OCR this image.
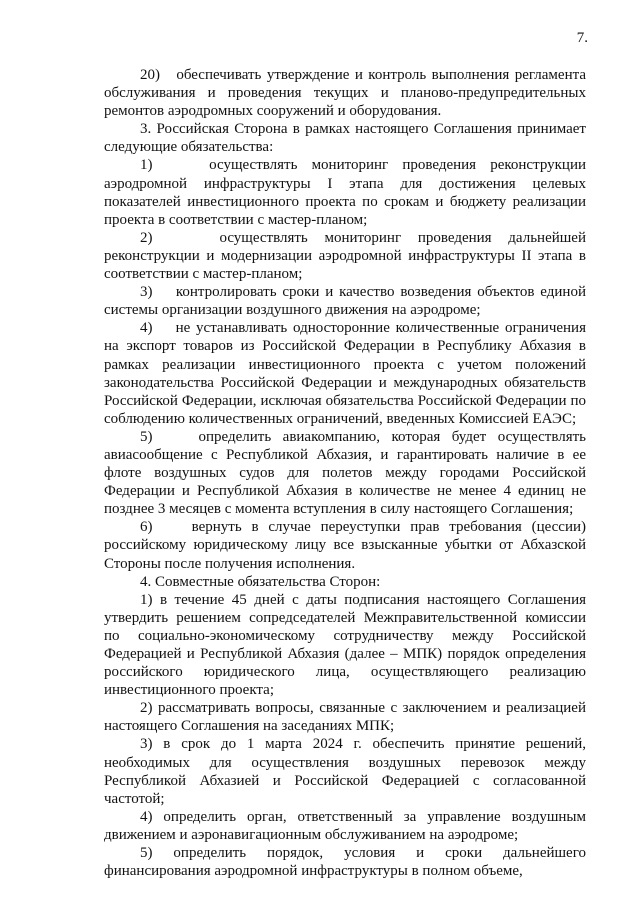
7.

20)   обеспечивать утверждение и контроль выполнения регламента обслуживания и проведения текущих и планово-предупредительных ремонтов аэродромных сооружений и оборудования.

3. Российская Сторона в рамках настоящего Соглашения принимает следующие обязательства:

1)    осуществлять мониторинг проведения реконструкции аэродромной инфраструктуры I этапа для достижения целевых показателей инвестиционного проекта по срокам и бюджету реализации проекта в соответствии с мастер-планом;

2)    осуществлять мониторинг проведения дальнейшей реконструкции и модернизации аэродромной инфраструктуры II этапа в соответствии с мастер-планом;

3)    контролировать сроки и качество возведения объектов единой системы организации воздушного движения на аэродроме;

4)    не устанавливать односторонние количественные ограничения на экспорт товаров из Российской Федерации в Республику Абхазия в рамках реализации инвестиционного проекта с учетом положений законодательства Российской Федерации и международных обязательств Российской Федерации, исключая обязательства Российской Федерации по соблюдению количественных ограничений, введенных Комиссией ЕАЭС;

5)    определить авиакомпанию, которая будет осуществлять авиасообщение с Республикой Абхазия, и гарантировать наличие в ее флоте воздушных судов для полетов между городами Российской Федерации и Республикой Абхазия в количестве не менее 4 единиц не позднее 3 месяцев с момента вступления в силу настоящего Соглашения;

6)    вернуть в случае переуступки прав требования (цессии) российскому юридическому лицу все взысканные убытки от Абхазской Стороны после получения исполнения.

4. Совместные обязательства Сторон:

1) в течение 45 дней с даты подписания настоящего Соглашения утвердить решением сопредседателей Межправительственной комиссии по социально-экономическому сотрудничеству между Российской Федерацией и Республикой Абхазия (далее – МПК) порядок определения российского юридического лица, осуществляющего реализацию инвестиционного проекта;

2) рассматривать вопросы, связанные с заключением и реализацией настоящего Соглашения на заседаниях МПК;

3) в срок до 1 марта 2024 г. обеспечить принятие решений, необходимых для осуществления воздушных перевозок между Республикой Абхазией и Российской Федерацией с согласованной частотой;

4) определить орган, ответственный за управление воздушным движением и аэронавигационным обслуживанием на аэродроме;

5) определить порядок, условия и сроки дальнейшего финансирования аэродромной инфраструктуры в полном объеме,
